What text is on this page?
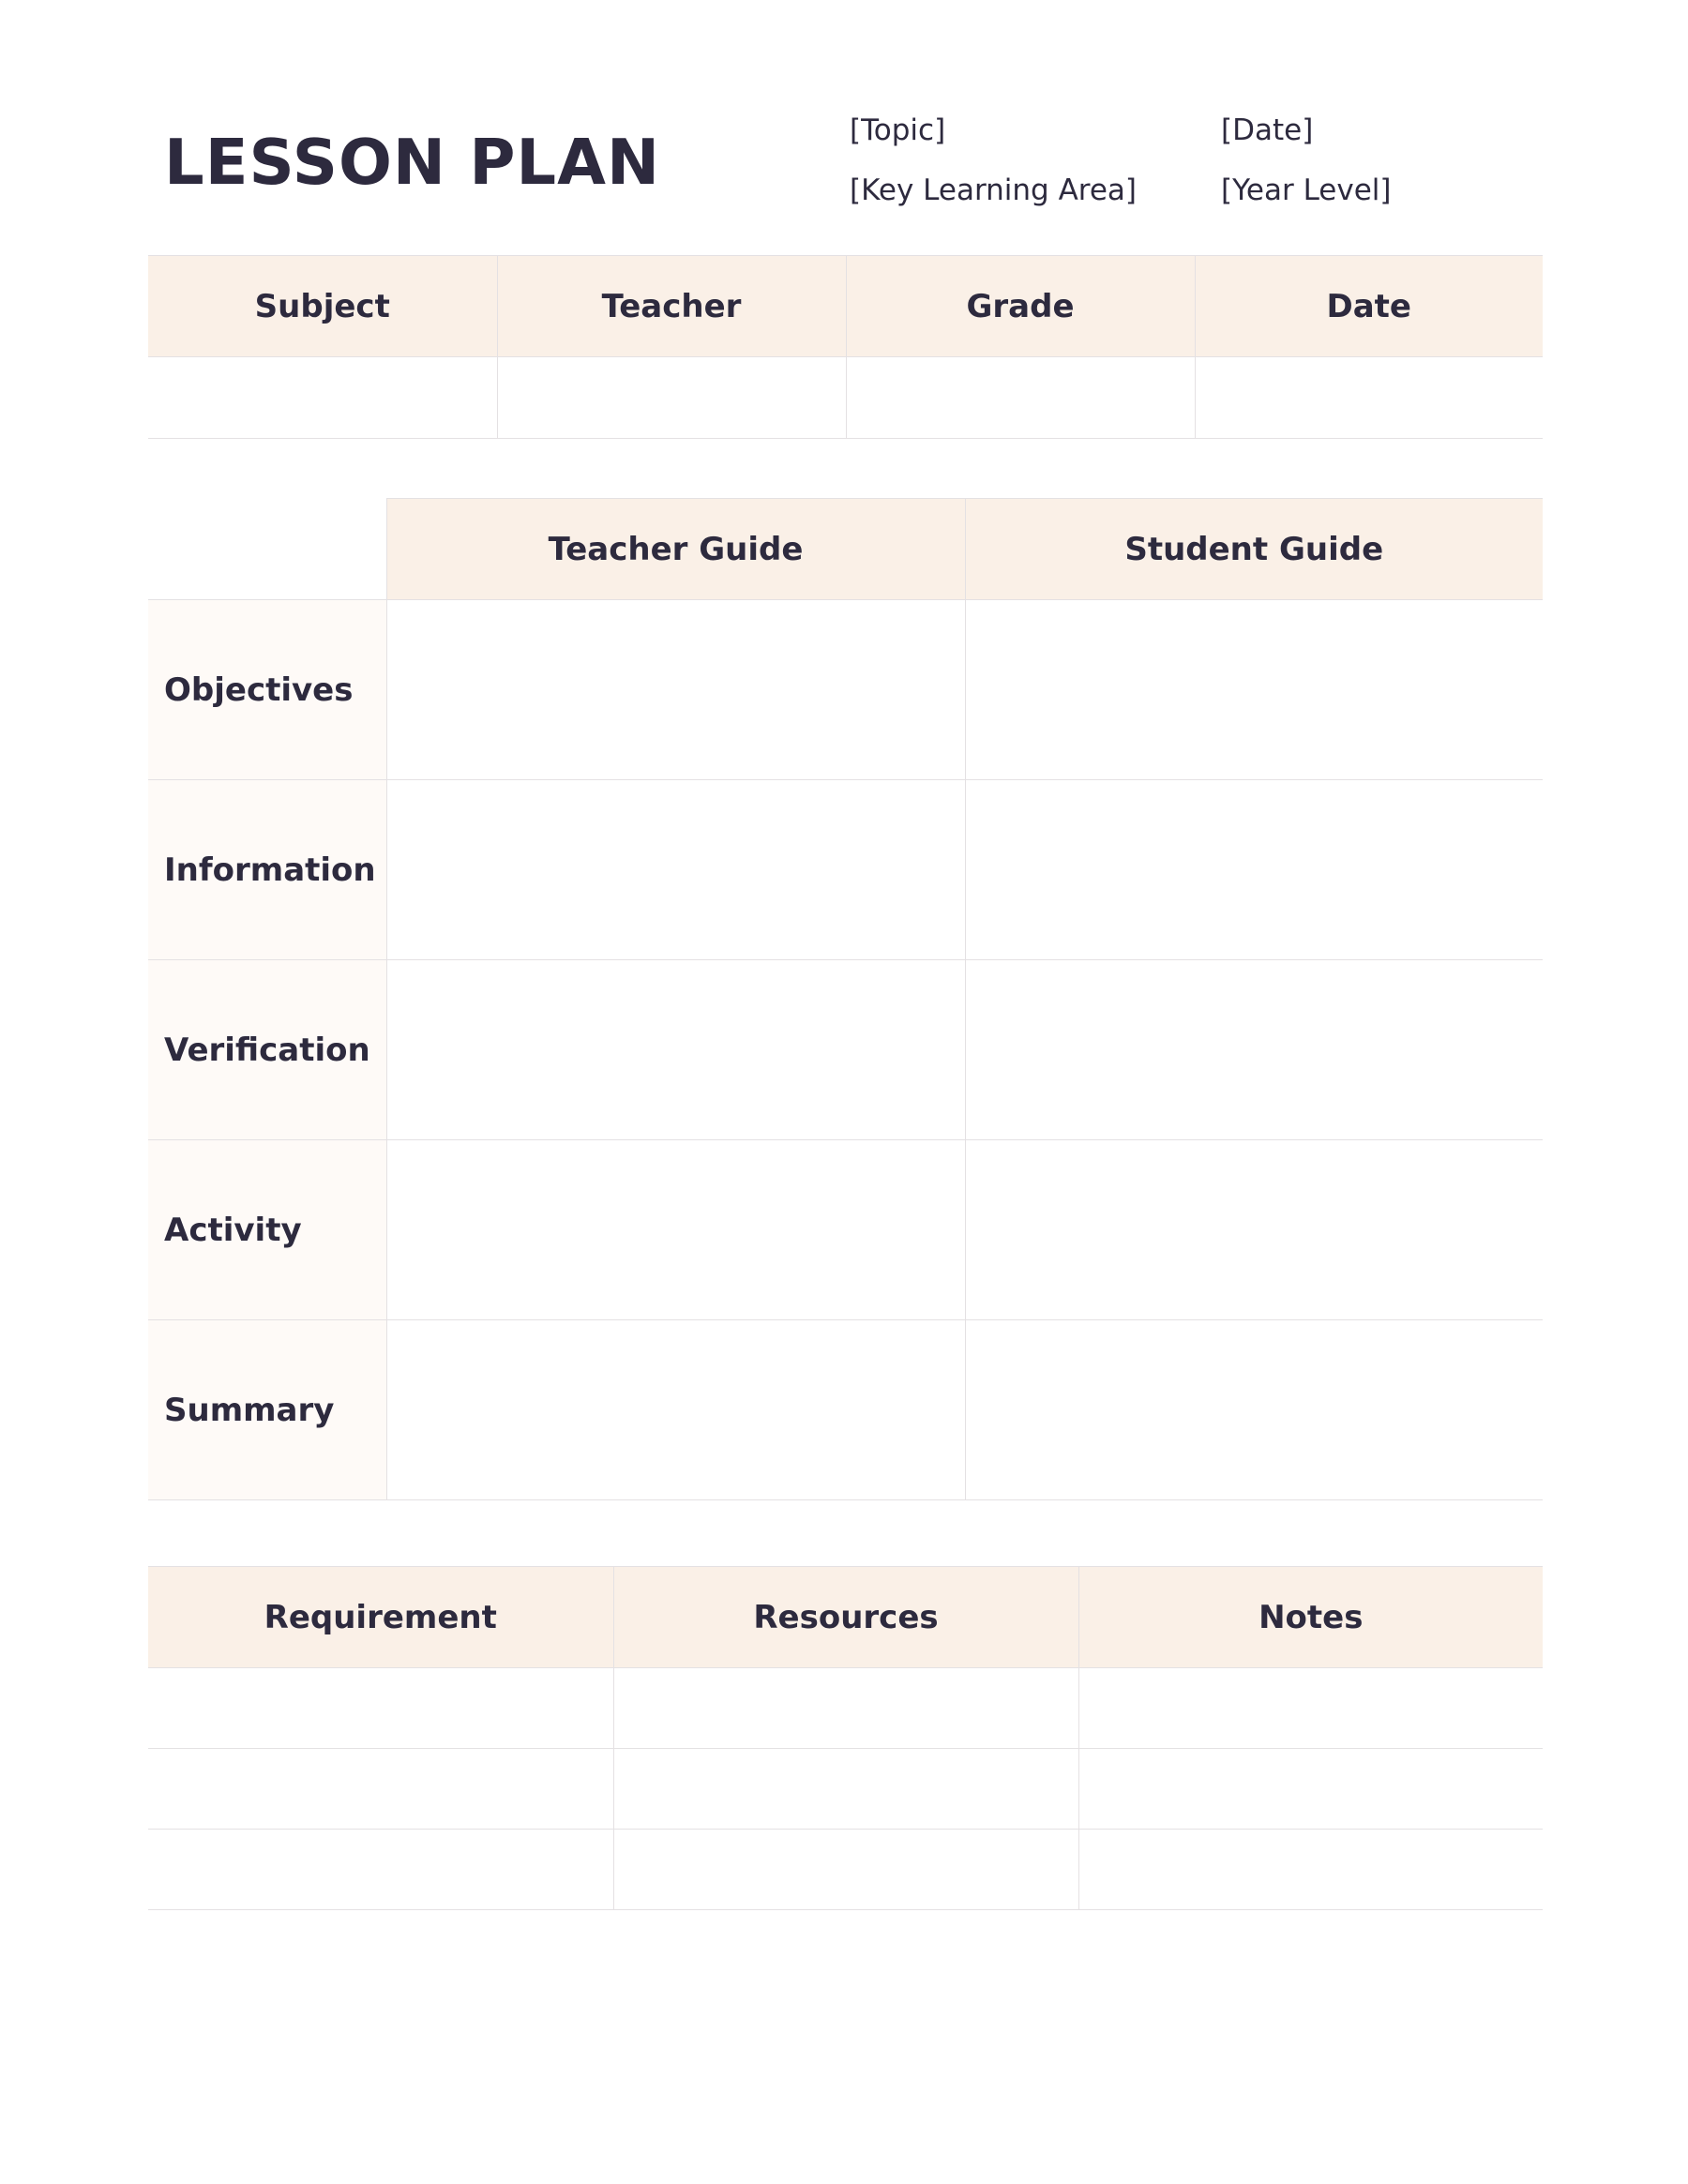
LESSON PLAN	[Topic]	[Date]
[Key Learning Area]	[Year Level]
Subject	Teacher	Grade	Date

	Teacher Guide	Student Guide
Objectives		
Information		
Verification		
Activity		
Summary		
Requirement	Resources	Notes
